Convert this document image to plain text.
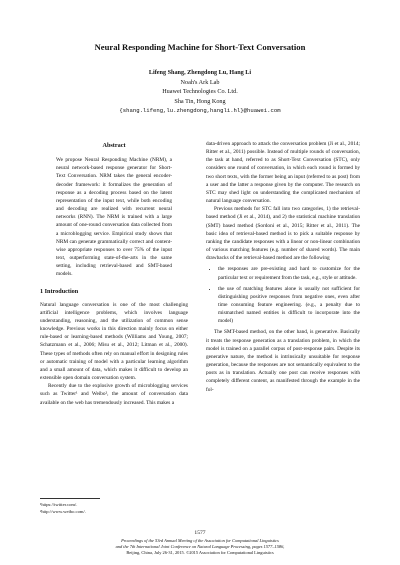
Neural Responding Machine for Short-Text Conversation
Lifeng Shang, Zhengdong Lu, Hang Li
Noah's Ark Lab
Huawei Technologies Co. Ltd.
Sha Tin, Hong Kong
{shang.lifeng,lu.zhengdong,hangli.hl}@huawei.com
Abstract
We propose Neural Responding Machine (NRM), a neural network-based response generator for Short-Text Conversation. NRM takes the general encoder-decoder framework: it formalizes the generation of response as a decoding process based on the latent representation of the input text, while both encoding and decoding are realized with recurrent neural networks (RNN). The NRM is trained with a large amount of one-round conversation data collected from a microblogging service. Empirical study shows that NRM can generate grammatically correct and content-wise appropriate responses to over 75% of the input text, outperforming state-of-the-arts in the same setting, including retrieval-based and SMT-based models.
1 Introduction

Natural language conversation is one of the most challenging artificial intelligence problems, which involves language understanding, reasoning, and the utilization of common sense knowledge. Previous works in this direction mainly focus on either rule-based or learning-based methods (Williams and Young, 2007; Schatzmann et al., 2006; Misu et al., 2012; Litman et al., 2000). These types of methods often rely on manual effort in designing rules or automatic training of model with a particular learning algorithm and a small amount of data, which makes it difficult to develop an extensible open domain conversation system.

Recently due to the explosive growth of microblogging services such as Twitter¹ and Weibo², the amount of conversation data available on the web has tremendously increased. This makes a

¹https://twitter.com/.
²http://www.weibo.com/.

data-driven approach to attack the conversation problem (Ji et al., 2014; Ritter et al., 2011) possible. Instead of multiple rounds of conversation, the task at hand, referred to as Short-Text Conversation (STC), only considers one round of conversation, in which each round is formed by two short texts, with the former being an input (referred to as post) from a user and the latter a response given by the computer. The research on STC may shed light on understanding the complicated mechanism of natural language conversation.

Previous methods for STC fall into two categories, 1) the retrieval-based method (Ji et al., 2014), and 2) the statistical machine translation (SMT) based method (Sordoni et al., 2015; Ritter et al., 2011). The basic idea of retrieval-based method is to pick a suitable response by ranking the candidate responses with a linear or non-linear combination of various matching features (e.g. number of shared words). The main drawbacks of the retrieval-based method are the following

• the responses are pre-existing and hard to customize for the particular text or requirement from the task, e.g., style or attitude.
• the use of matching features alone is usually not sufficient for distinguishing positive responses from negative ones, even after time consuming feature engineering. (e.g., a penalty due to mismatched named entities is difficult to incorporate into the model)

The SMT-based method, on the other hand, is generative. Basically it treats the response generation as a translation problem, in which the model is trained on a parallel corpus of post-response pairs. Despite its generative nature, the method is intrinsically unsuitable for response generation, because the responses are not semantically equivalent to the posts as in translation. Actually one post can receive responses with completely different content, as manifested through the example in the fol-

1577
Proceedings of the 53rd Annual Meeting of the Association for Computational Linguistics
and the 7th International Joint Conference on Natural Language Processing, pages 1577–1586,
Beijing, China, July 26-31, 2015. ©2015 Association for Computational Linguistics
